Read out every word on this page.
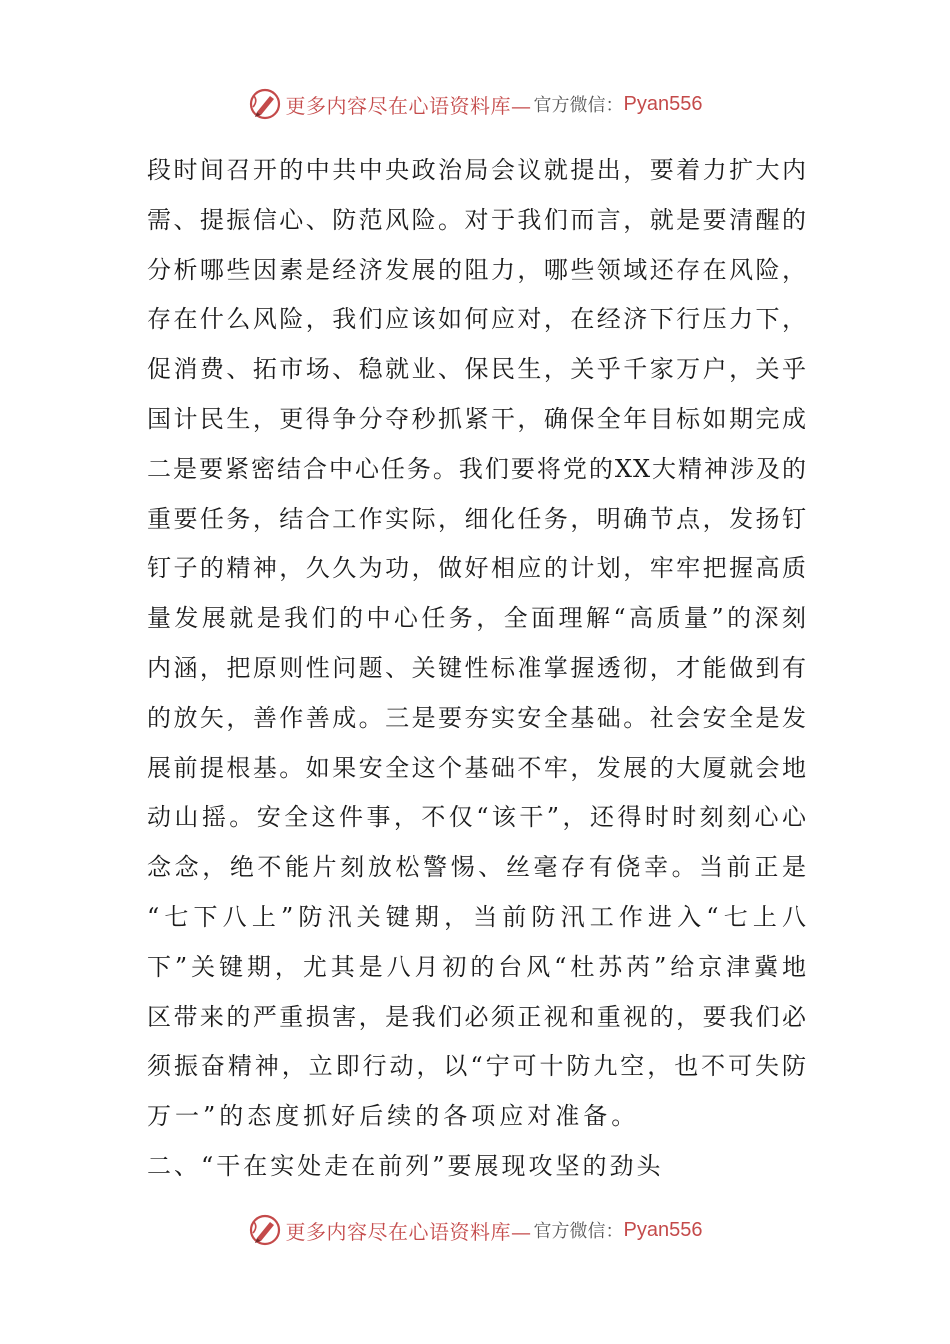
更多内容尽在心语资料库— 官方微信： Pyan556
段时间召开的中共中央政治局会议就提出，要着力扩大内
需、提振信心、防范风险。对于我们而言，就是要清醒的
分析哪些因素是经济发展的阻力，哪些领域还存在风险，
存在什么风险，我们应该如何应对，在经济下行压力下，
促消费、拓市场、稳就业、保民生，关乎千家万户，关乎
国计民生，更得争分夺秒抓紧干，确保全年目标如期完成
二是要紧密结合中心任务。我们要将党的XX大精神涉及的
重要任务，结合工作实际，细化任务，明确节点，发扬钉
钉子的精神，久久为功，做好相应的计划，牢牢把握高质
量发展就是我们的中心任务，全面理解“高质量”的深刻
内涵，把原则性问题、关键性标准掌握透彻，才能做到有
的放矢，善作善成。三是要夯实安全基础。社会安全是发
展前提根基。如果安全这个基础不牢，发展的大厦就会地
动山摇。安全这件事，不仅“该干”，还得时时刻刻心心
念念，绝不能片刻放松警惕、丝毫存有侥幸。当前正是
“七下八上”防汛关键期，当前防汛工作进入“七上八
下”关键期，尤其是八月初的台风“杜苏芮”给京津冀地
区带来的严重损害，是我们必须正视和重视的，要我们必
须振奋精神，立即行动，以“宁可十防九空，也不可失防
万一”的态度抓好后续的各项应对准备。
二、“干在实处走在前列”要展现攻坚的劲头
更多内容尽在心语资料库— 官方微信： Pyan556
